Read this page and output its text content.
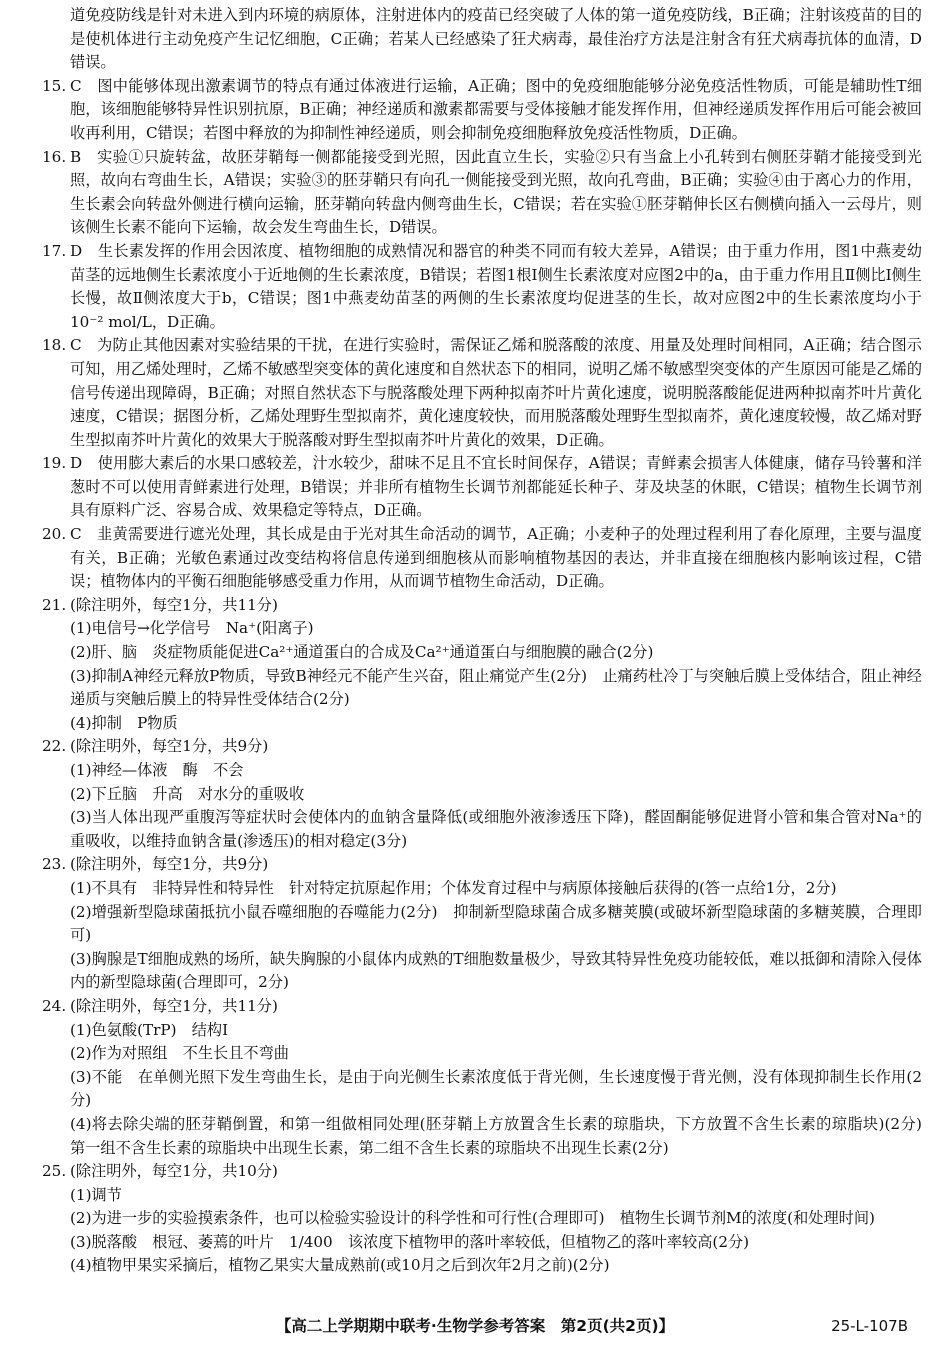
道免疫防线是针对未进入到内环境的病原体，注射进体内的疫苗已经突破了人体的第一道免疫防线，B正确；注射该疫苗的目的是使机体进行主动免疫产生记忆细胞，C正确；若某人已经感染了狂犬病毒，最佳治疗方法是注射含有狂犬病毒抗体的血清，D错误。
15. C　图中能够体现出激素调节的特点有通过体液进行运输，A正确；图中的免疫细胞能够分泌免疫活性物质，可能是辅助性T细胞，该细胞能够特异性识别抗原，B正确；神经递质和激素都需要与受体接触才能发挥作用，但神经递质发挥作用后可能会被回收再利用，C错误；若图中释放的为抑制性神经递质，则会抑制免疫细胞释放免疫活性物质，D正确。
16. B　实验①只旋转盆，故胚芽鞘每一侧都能接受到光照，因此直立生长，实验②只有当盒上小孔转到右侧胚芽鞘才能接受到光照，故向右弯曲生长，A错误；实验③的胚芽鞘只有向孔一侧能接受到光照，故向孔弯曲，B正确；实验④由于离心力的作用，生长素会向转盘外侧进行横向运输，胚芽鞘向转盘内侧弯曲生长，C错误；若在实验①胚芽鞘伸长区右侧横向插入一云母片，则该侧生长素不能向下运输，故会发生弯曲生长，D错误。
17. D　生长素发挥的作用会因浓度、植物细胞的成熟情况和器官的种类不同而有较大差异，A错误；由于重力作用，图1中燕麦幼苗茎的远地侧生长素浓度小于近地侧的生长素浓度，B错误；若图1根Ⅰ侧生长素浓度对应图2中的a，由于重力作用且Ⅱ侧比Ⅰ侧生长慢，故Ⅱ侧浓度大于b，C错误；图1中燕麦幼苗茎的两侧的生长素浓度均促进茎的生长，故对应图2中的生长素浓度均小于10⁻² mol/L，D正确。
18. C　为防止其他因素对实验结果的干扰，在进行实验时，需保证乙烯和脱落酸的浓度、用量及处理时间相同，A正确；结合图示可知，用乙烯处理时，乙烯不敏感型突变体的黄化速度和自然状态下的相同，说明乙烯不敏感型突变体的产生原因可能是乙烯的信号传递出现障碍，B正确；对照自然状态下与脱落酸处理下两种拟南芥叶片黄化速度，说明脱落酸能促进两种拟南芥叶片黄化速度，C错误；据图分析，乙烯处理野生型拟南芥，黄化速度较快，而用脱落酸处理野生型拟南芥，黄化速度较慢，故乙烯对野生型拟南芥叶片黄化的效果大于脱落酸对野生型拟南芥叶片黄化的效果，D正确。
19. D　使用膨大素后的水果口感较差，汁水较少，甜味不足且不宜长时间保存，A错误；青鲜素会损害人体健康，储存马铃薯和洋葱时不可以使用青鲜素进行处理，B错误；并非所有植物生长调节剂都能延长种子、芽及块茎的休眠，C错误；植物生长调节剂具有原料广泛、容易合成、效果稳定等特点，D正确。
20. C　韭黄需要进行遮光处理，其长成是由于光对其生命活动的调节，A正确；小麦种子的处理过程利用了春化原理，主要与温度有关，B正确；光敏色素通过改变结构将信息传递到细胞核从而影响植物基因的表达，并非直接在细胞核内影响该过程，C错误；植物体内的平衡石细胞能够感受重力作用，从而调节植物生命活动，D正确。
21. (除注明外，每空1分，共11分)
(1)电信号→化学信号　Na⁺(阳离子)
(2)肝、脑　炎症物质能促进Ca²⁺通道蛋白的合成及Ca²⁺通道蛋白与细胞膜的融合(2分)
(3)抑制A神经元释放P物质，导致B神经元不能产生兴奋，阻止痛觉产生(2分)　止痛药杜冷丁与突触后膜上受体结合，阻止神经递质与突触后膜上的特异性受体结合(2分)
(4)抑制　P物质
22. (除注明外，每空1分，共9分)
(1)神经—体液　酶　不会
(2)下丘脑　升高　对水分的重吸收
(3)当人体出现严重腹泻等症状时会使体内的血钠含量降低(或细胞外液渗透压下降)，醛固酮能够促进肾小管和集合管对Na⁺的重吸收，以维持血钠含量(渗透压)的相对稳定(3分)
23. (除注明外，每空1分，共9分)
(1)不具有　非特异性和特异性　针对特定抗原起作用；个体发育过程中与病原体接触后获得的(答一点给1分，2分)
(2)增强新型隐球菌抵抗小鼠吞噬细胞的吞噬能力(2分)　抑制新型隐球菌合成多糖荚膜(或破坏新型隐球菌的多糖荚膜，合理即可)
(3)胸腺是T细胞成熟的场所，缺失胸腺的小鼠体内成熟的T细胞数量极少，导致其特异性免疫功能较低，难以抵御和清除入侵体内的新型隐球菌(合理即可，2分)
24. (除注明外，每空1分，共11分)
(1)色氨酸(TrP)　结构Ⅰ
(2)作为对照组　不生长且不弯曲
(3)不能　在单侧光照下发生弯曲生长，是由于向光侧生长素浓度低于背光侧，生长速度慢于背光侧，没有体现抑制生长作用(2分)
(4)将去除尖端的胚芽鞘倒置，和第一组做相同处理(胚芽鞘上方放置含生长素的琼脂块，下方放置不含生长素的琼脂块)(2分)　第一组不含生长素的琼脂块中出现生长素，第二组不含生长素的琼脂块不出现生长素(2分)
25. (除注明外，每空1分，共10分)
(1)调节
(2)为进一步的实验摸索条件，也可以检验实验设计的科学性和可行性(合理即可)　植物生长调节剂M的浓度(和处理时间)
(3)脱落酸　根冠、萎蔫的叶片　1/400　该浓度下植物甲的落叶率较低，但植物乙的落叶率较高(2分)
(4)植物甲果实采摘后，植物乙果实大量成熟前(或10月之后到次年2月之前)(2分)
【高二上学期期中联考·生物学参考答案　第2页(共2页)】	25-L-107B
